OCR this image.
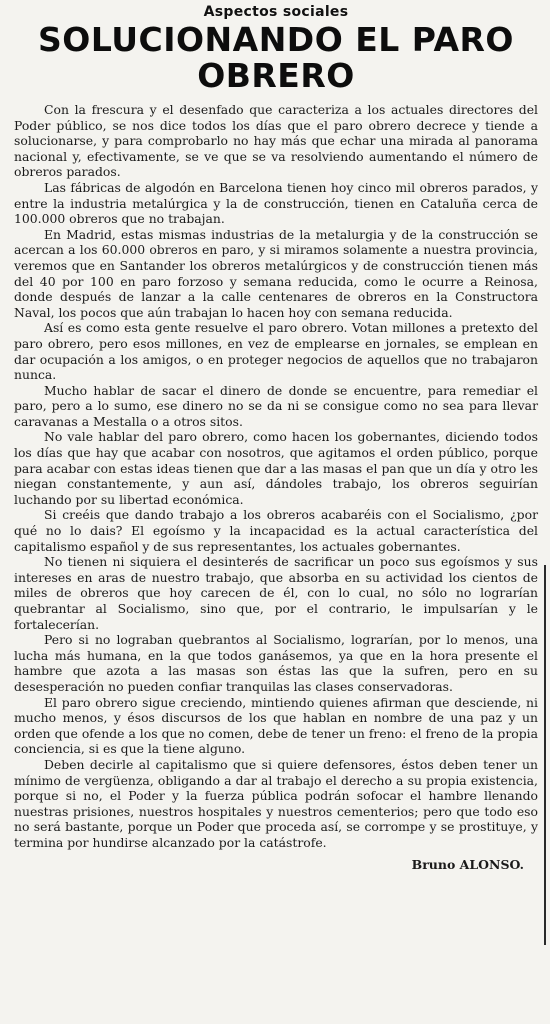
Aspectos sociales
SOLUCIONANDO EL PARO OBRERO

Con la frescura y el desenfado que caracteriza a los actuales directores del Poder público, se nos dice todos los días que el paro obrero decrece y tiende a solucionarse, y para comprobarlo no hay más que echar una mirada al panorama nacional y, efectivamente, se ve que se va resolviendo aumentando el número de obreros parados.

Las fábricas de algodón en Barcelona tienen hoy cinco mil obreros parados, y entre la industria metalúrgica y la de construcción, tienen en Cataluña cerca de 100.000 obreros que no trabajan.

En Madrid, estas mismas industrias de la metalurgia y de la construcción se acercan a los 60.000 obreros en paro, y si miramos solamente a nuestra provincia, veremos que en Santander los obreros metalúrgicos y de construcción tienen más del 40 por 100 en paro forzoso y semana reducida, como le ocurre a Reinosa, donde después de lanzar a la calle centenares de obreros en la Constructora Naval, los pocos que aún trabajan lo hacen hoy con semana reducida.

Así es como esta gente resuelve el paro obrero. Votan millones a pretexto del paro obrero, pero esos millones, en vez de emplearse en jornales, se emplean en dar ocupación a los amigos, o en proteger negocios de aquellos que no trabajaron nunca.

Mucho hablar de sacar el dinero de donde se encuentre, para remediar el paro, pero a lo sumo, ese dinero no se da ni se consigue como no sea para llevar caravanas a Mestalla o a otros sitos.

No vale hablar del paro obrero, como hacen los gobernantes, diciendo todos los días que hay que acabar con nosotros, que agitamos el orden público, porque para acabar con estas ideas tienen que dar a las masas el pan que un día y otro les niegan constantemente, y aun así, dándoles trabajo, los obreros seguirían luchando por su libertad económica.

Si creéis que dando trabajo a los obreros acabaréis con el Socialismo, ¿por qué no lo dais? El egoísmo y la incapacidad es la actual característica del capitalismo español y de sus representantes, los actuales gobernantes.

No tienen ni siquiera el desinterés de sacrificar un poco sus egoísmos y sus intereses en aras de nuestro trabajo, que absorba en su actividad los cientos de miles de obreros que hoy carecen de él, con lo cual, no sólo no lograrían quebrantar al Socialismo, sino que, por el contrario, le impulsarían y le fortalecerían.

Pero si no lograban quebrantos al Socialismo, lograrían, por lo menos, una lucha más humana, en la que todos ganásemos, ya que en la hora presente el hambre que azota a las masas son éstas las que la sufren, pero en su desesperación no pueden confiar tranquilas las clases conservadoras.

El paro obrero sigue creciendo, mintiendo quienes afirman que desciende, ni mucho menos, y ésos discursos de los que hablan en nombre de una paz y un orden que ofende a los que no comen, debe de tener un freno: el freno de la propia conciencia, si es que la tiene alguno.

Deben decirle al capitalismo que si quiere defensores, éstos deben tener un mínimo de vergüenza, obligando a dar al trabajo el derecho a su propia existencia, porque si no, el Poder y la fuerza pública podrán sofocar el hambre llenando nuestras prisiones, nuestros hospitales y nuestros cementerios; pero que todo eso no será bastante, porque un Poder que proceda así, se corrompe y se prostituye, y termina por hundirse alcanzado por la catástrofe.

Bruno ALONSO.
